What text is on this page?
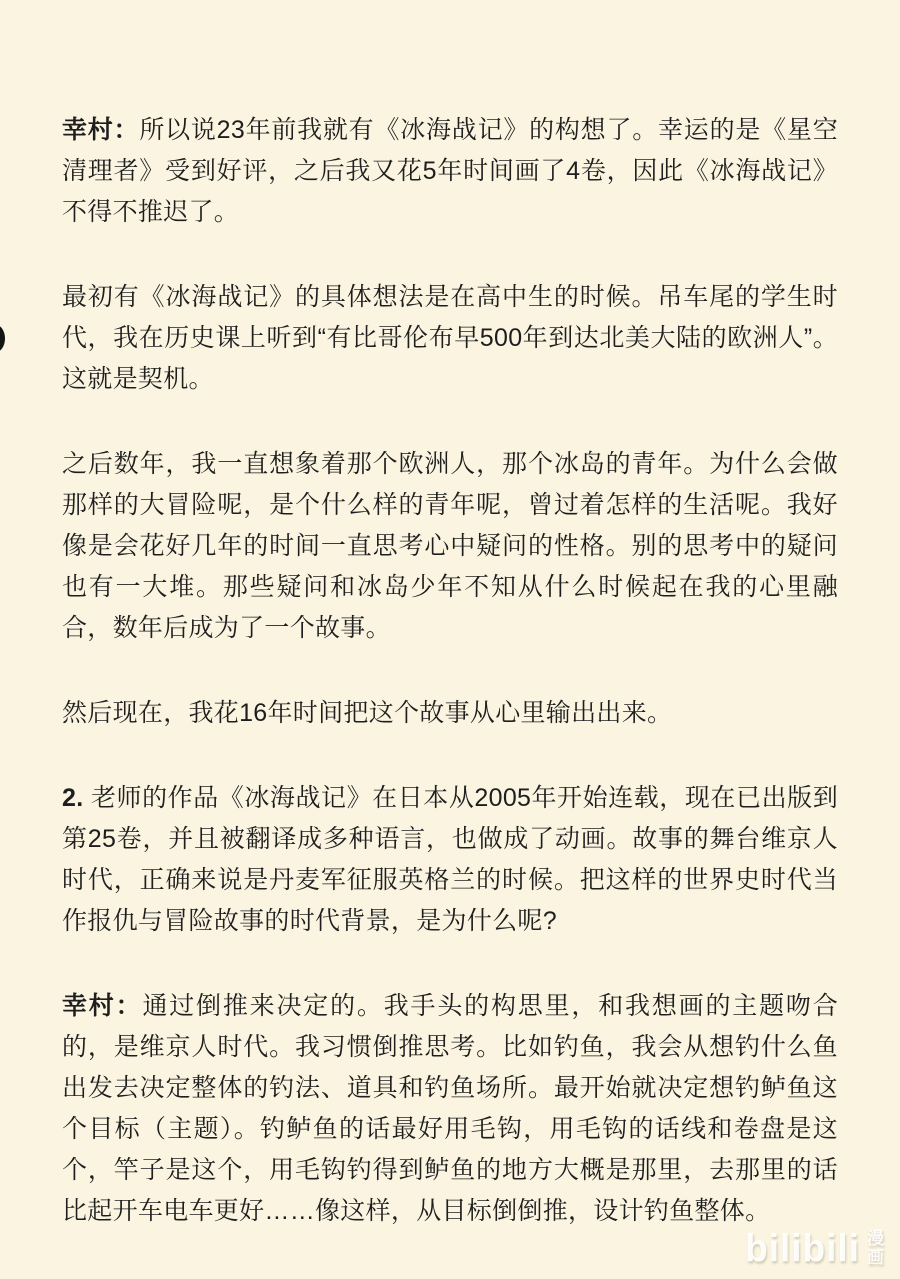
幸村：所以说23年前我就有《冰海战记》的构想了。幸运的是《星空清理者》受到好评，之后我又花5年时间画了4卷，因此《冰海战记》不得不推迟了。

最初有《冰海战记》的具体想法是在高中生的时候。吊车尾的学生时代，我在历史课上听到“有比哥伦布早500年到达北美大陆的欧洲人”。这就是契机。

之后数年，我一直想象着那个欧洲人，那个冰岛的青年。为什么会做那样的大冒险呢，是个什么样的青年呢，曾过着怎样的生活呢。我好像是会花好几年的时间一直思考心中疑问的性格。别的思考中的疑问也有一大堆。那些疑问和冰岛少年不知从什么时候起在我的心里融合，数年后成为了一个故事。

然后现在，我花16年时间把这个故事从心里输出出来。

2. 老师的作品《冰海战记》在日本从2005年开始连载，现在已出版到第25卷，并且被翻译成多种语言，也做成了动画。故事的舞台维京人时代，正确来说是丹麦军征服英格兰的时候。把这样的世界史时代当作报仇与冒险故事的时代背景，是为什么呢?

幸村：通过倒推来决定的。我手头的构思里，和我想画的主题吻合的，是维京人时代。我习惯倒推思考。比如钓鱼，我会从想钓什么鱼出发去决定整体的钓法、道具和钓鱼场所。最开始就决定想钓鲈鱼这个目标（主题）。钓鲈鱼的话最好用毛钩，用毛钩的话线和卷盘是这个，竿子是这个，用毛钩钓得到鲈鱼的地方大概是那里，去那里的话比起开车电车更好……像这样，从目标倒倒推，设计钓鱼整体。

bilibili 漫
画
